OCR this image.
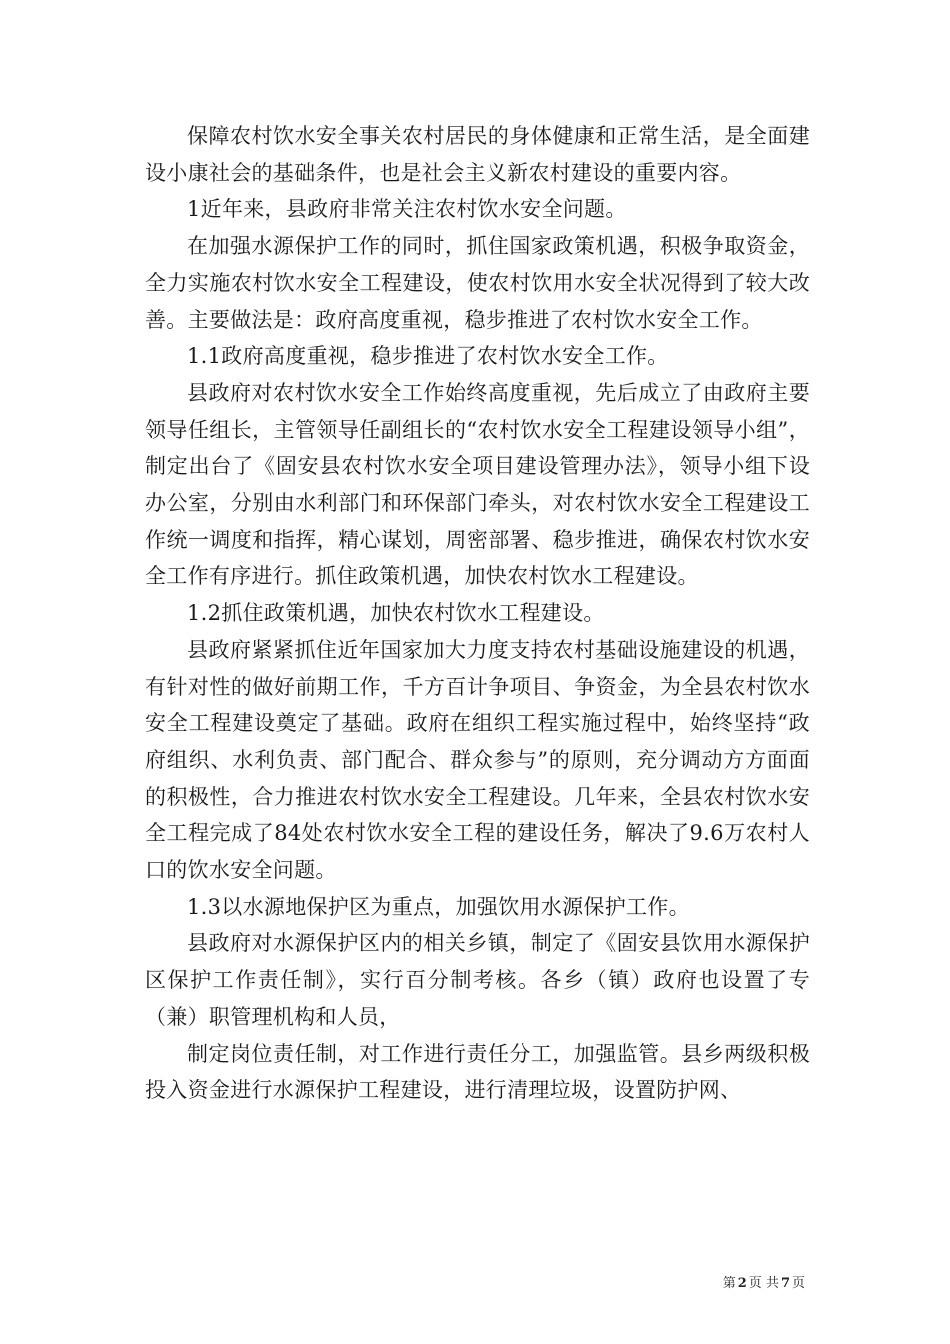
保障农村饮水安全事关农村居民的身体健康和正常生活，是全面建设小康社会的基础条件，也是社会主义新农村建设的重要内容。

1近年来，县政府非常关注农村饮水安全问题。

在加强水源保护工作的同时，抓住国家政策机遇，积极争取资金，全力实施农村饮水安全工程建设，使农村饮用水安全状况得到了较大改善。主要做法是：政府高度重视，稳步推进了农村饮水安全工作。

1.1政府高度重视，稳步推进了农村饮水安全工作。

县政府对农村饮水安全工作始终高度重视，先后成立了由政府主要领导任组长，主管领导任副组长的“农村饮水安全工程建设领导小组”，制定出台了《固安县农村饮水安全项目建设管理办法》，领导小组下设办公室，分别由水利部门和环保部门牵头，对农村饮水安全工程建设工作统一调度和指挥，精心谋划，周密部署、稳步推进，确保农村饮水安全工作有序进行。抓住政策机遇，加快农村饮水工程建设。

1.2抓住政策机遇，加快农村饮水工程建设。

县政府紧紧抓住近年国家加大力度支持农村基础设施建设的机遇，有针对性的做好前期工作，千方百计争项目、争资金，为全县农村饮水安全工程建设奠定了基础。政府在组织工程实施过程中，始终坚持“政府组织、水利负责、部门配合、群众参与”的原则，充分调动方方面面的积极性，合力推进农村饮水安全工程建设。几年来，全县农村饮水安全工程完成了84处农村饮水安全工程的建设任务，解决了9.6万农村人口的饮水安全问题。

1.3以水源地保护区为重点，加强饮用水源保护工作。

县政府对水源保护区内的相关乡镇，制定了《固安县饮用水源保护区保护工作责任制》，实行百分制考核。各乡（镇）政府也设置了专（兼）职管理机构和人员，

制定岗位责任制，对工作进行责任分工，加强监管。县乡两级积极投入资金进行水源保护工程建设，进行清理垃圾，设置防护网、

第 2 页 共 7 页
